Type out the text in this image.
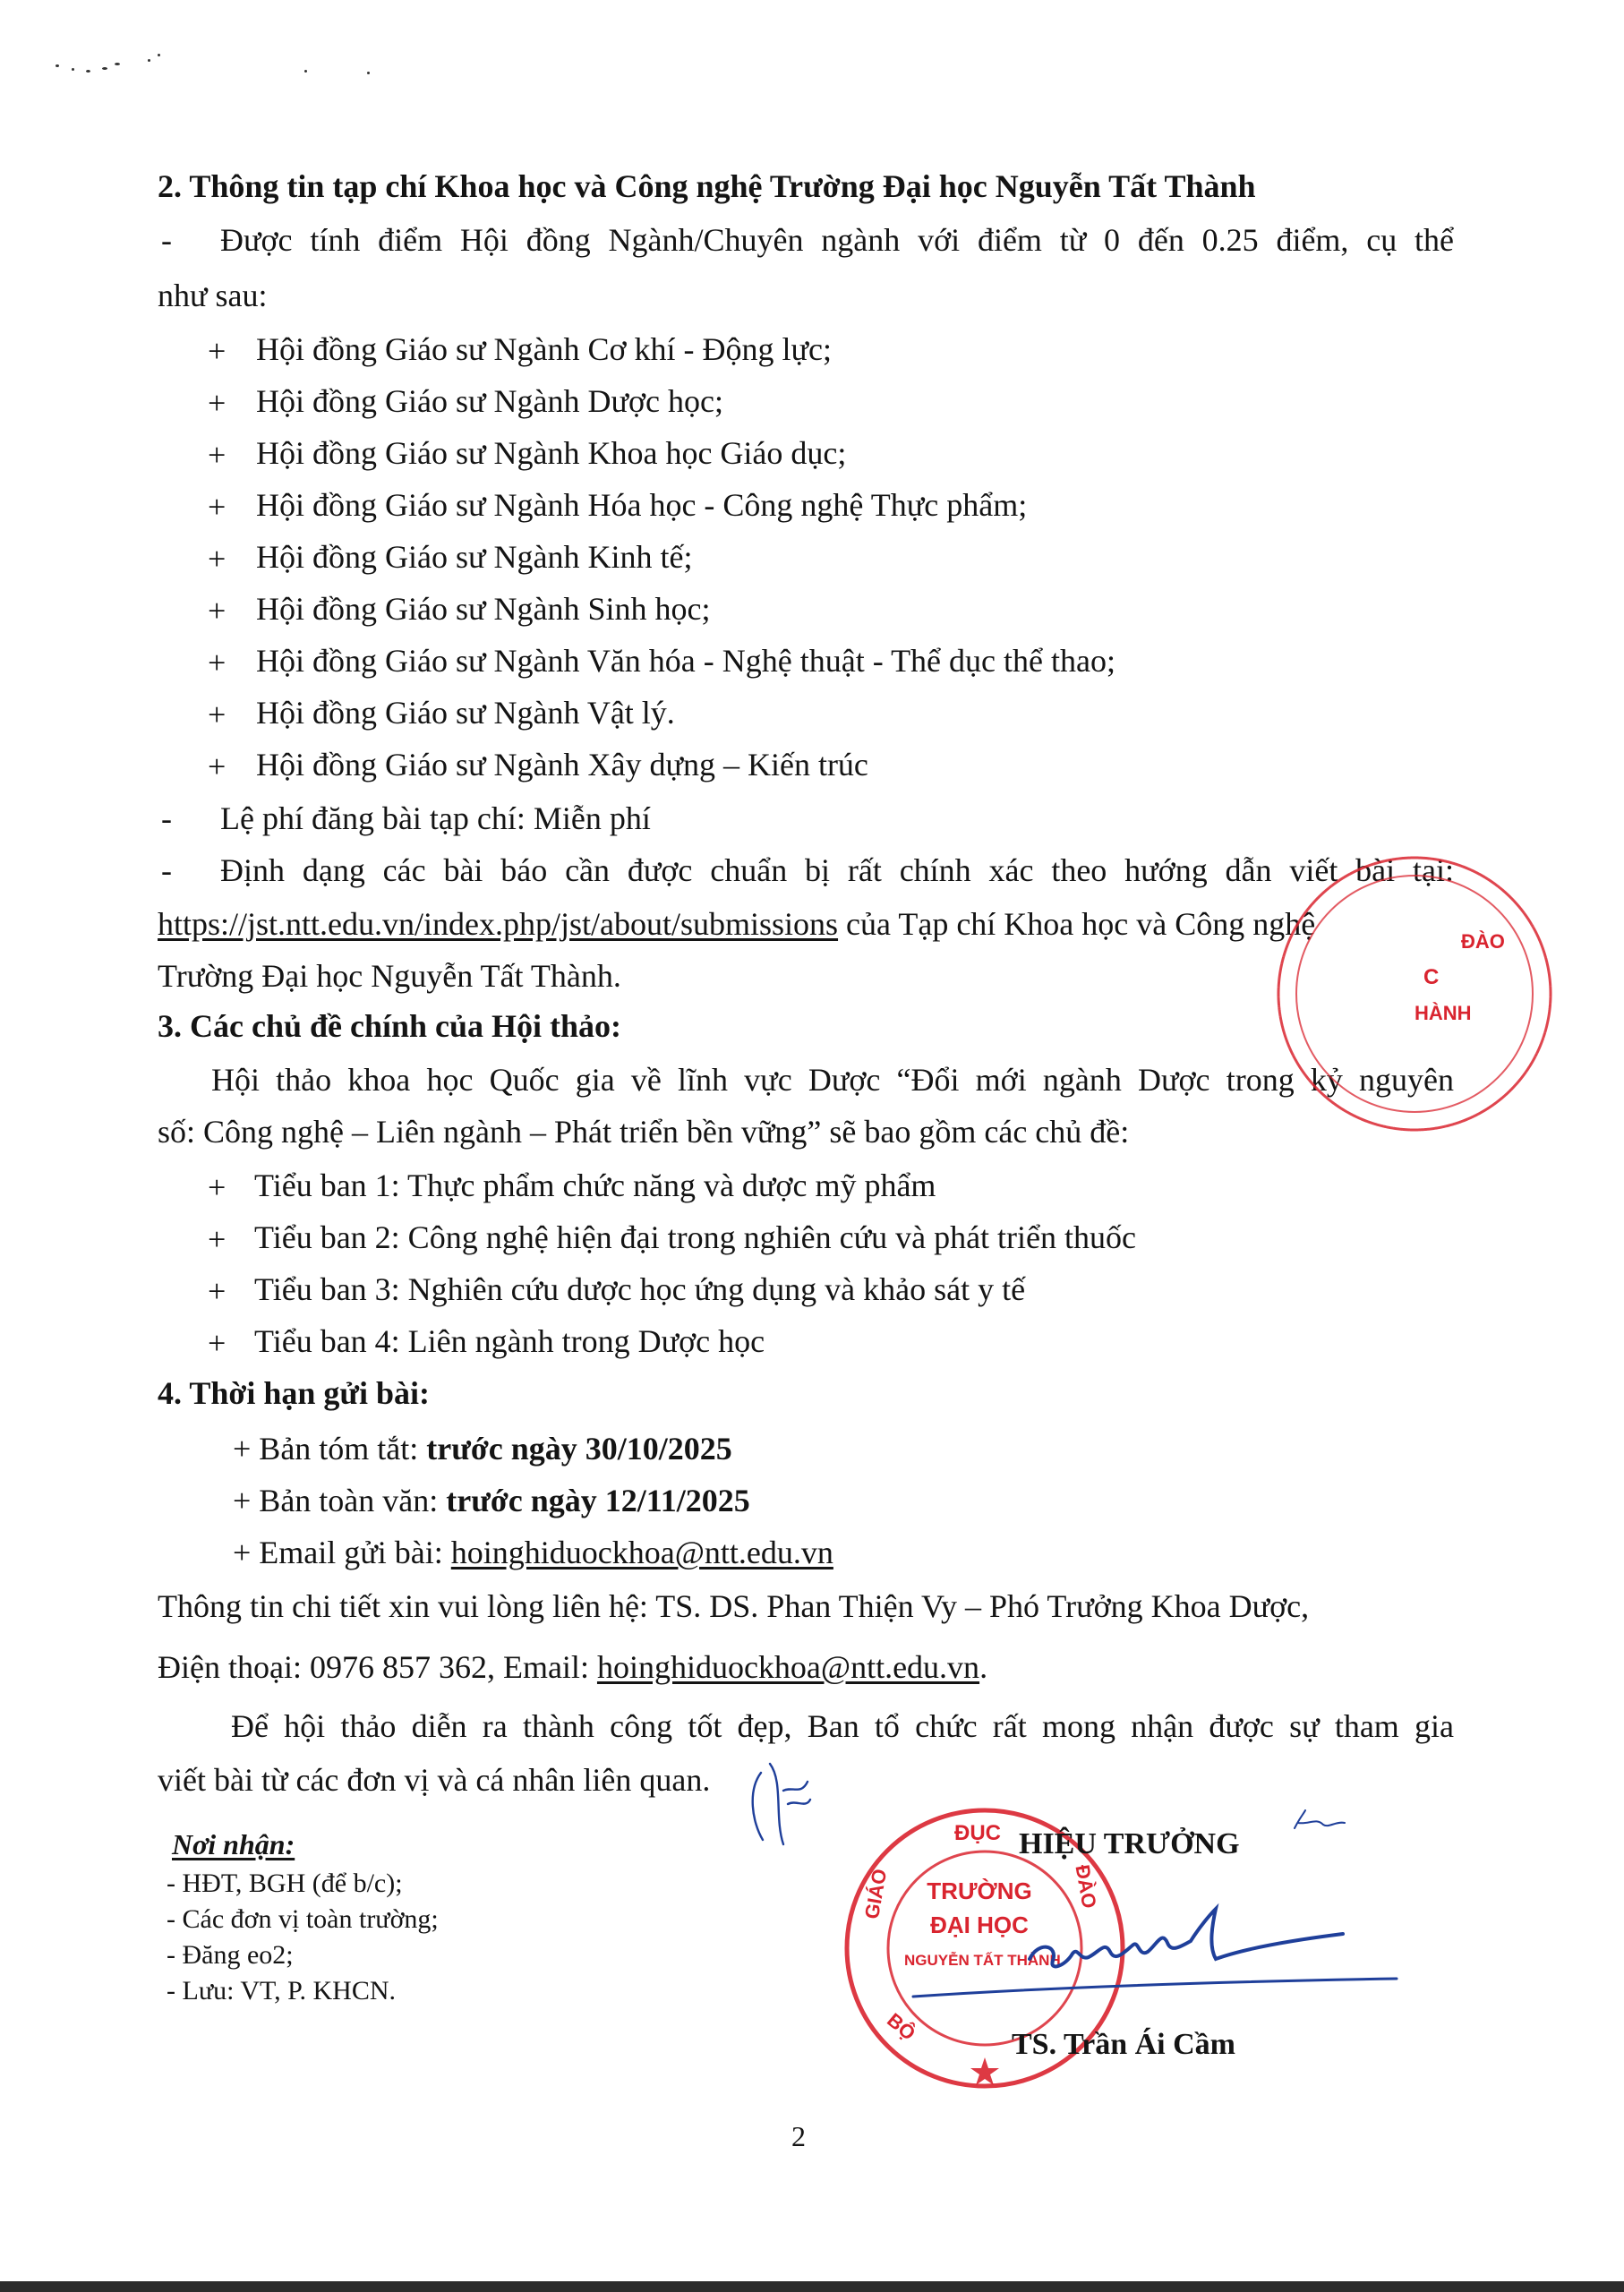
2. Thông tin tạp chí Khoa học và Công nghệ Trường Đại học Nguyễn Tất Thành
- Được tính điểm Hội đồng Ngành/Chuyên ngành với điểm từ 0 đến 0.25 điểm, cụ thể
như sau:
+ Hội đồng Giáo sư Ngành Cơ khí - Động lực;
+ Hội đồng Giáo sư Ngành Dược học;
+ Hội đồng Giáo sư Ngành Khoa học Giáo dục;
+ Hội đồng Giáo sư Ngành Hóa học - Công nghệ Thực phẩm;
+ Hội đồng Giáo sư Ngành Kinh tế;
+ Hội đồng Giáo sư Ngành Sinh học;
+ Hội đồng Giáo sư Ngành Văn hóa - Nghệ thuật - Thể dục thể thao;
+ Hội đồng Giáo sư Ngành Vật lý.
+ Hội đồng Giáo sư Ngành Xây dựng – Kiến trúc
- Lệ phí đăng bài tạp chí: Miễn phí
- Định dạng các bài báo cần được chuẩn bị rất chính xác theo hướng dẫn viết bài tại:
https://jst.ntt.edu.vn/index.php/jst/about/submissions của Tạp chí Khoa học và Công nghệ
Trường Đại học Nguyễn Tất Thành.
3. Các chủ đề chính của Hội thảo:
Hội thảo khoa học Quốc gia về lĩnh vực Dược “Đổi mới ngành Dược trong kỷ nguyên
số: Công nghệ – Liên ngành – Phát triển bền vững” sẽ bao gồm các chủ đề:
+ Tiểu ban 1: Thực phẩm chức năng và dược mỹ phẩm
+ Tiểu ban 2: Công nghệ hiện đại trong nghiên cứu và phát triển thuốc
+ Tiểu ban 3: Nghiên cứu dược học ứng dụng và khảo sát y tế
+ Tiểu ban 4: Liên ngành trong Dược học
4. Thời hạn gửi bài:
+ Bản tóm tắt: trước ngày 30/10/2025
+ Bản toàn văn: trước ngày 12/11/2025
+ Email gửi bài: hoinghiduockhoa@ntt.edu.vn
Thông tin chi tiết xin vui lòng liên hệ: TS. DS. Phan Thiện Vy – Phó Trưởng Khoa Dược,
Điện thoại: 0976 857 362, Email: hoinghiduockhoa@ntt.edu.vn.
Để hội thảo diễn ra thành công tốt đẹp, Ban tổ chức rất mong nhận được sự tham gia
viết bài từ các đơn vị và cá nhân liên quan.
Nơi nhận:
- HĐT, BGH (để b/c);
- Các đơn vị toàn trường;
- Đăng eo2;
- Lưu: VT, P. KHCN.
ĐÀO
C
HÀNH
ĐỤC
GIÁO	ĐÀO
BỘ
TRƯỜNG
ĐẠI HỌC
NGUYỄN TẤT THÀNH
HIỆU TRƯỞNG
TS. Trần Ái Cầm
2
